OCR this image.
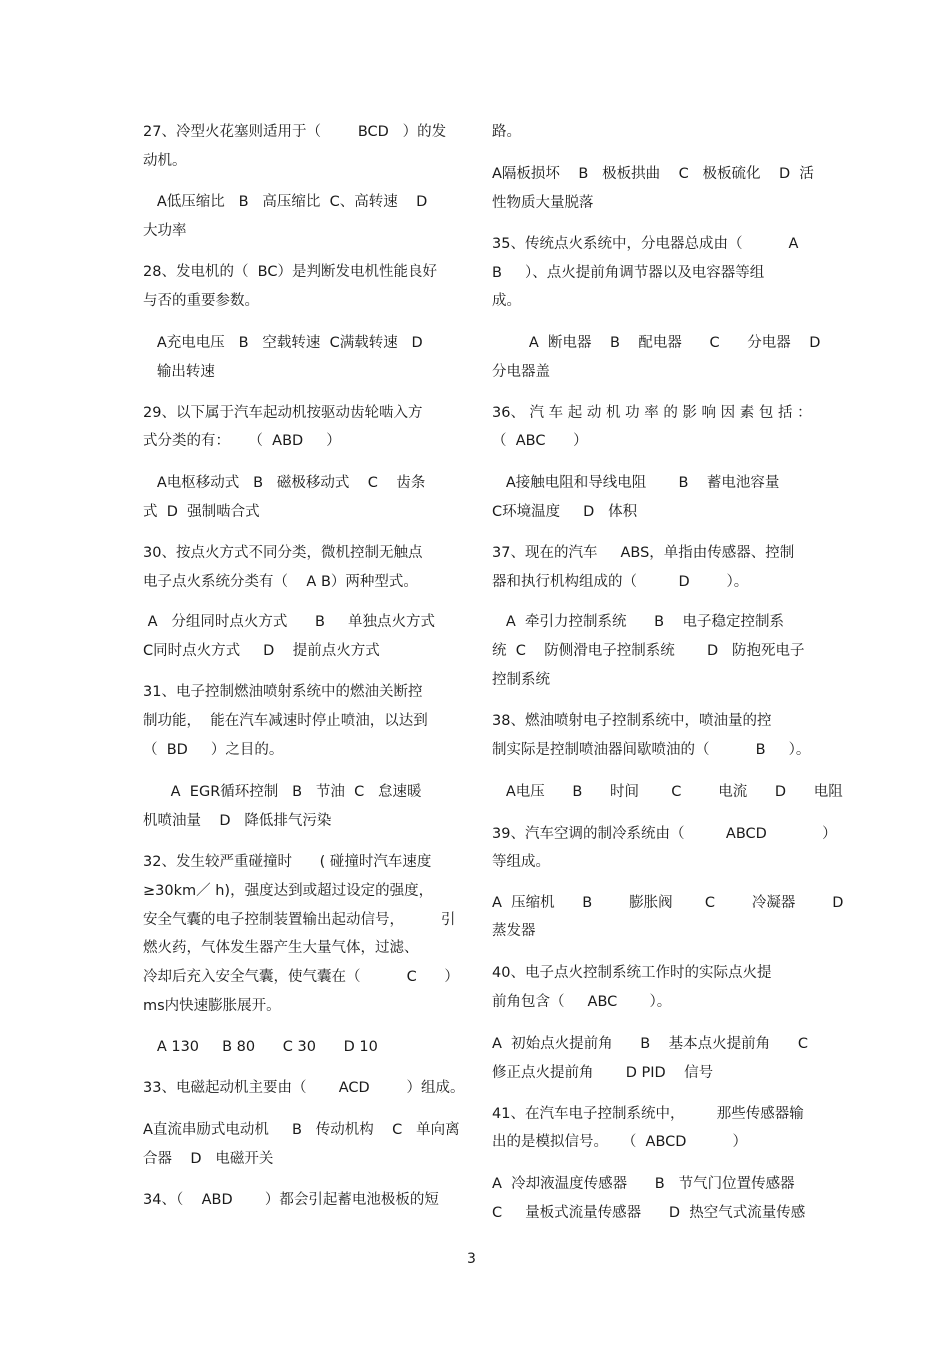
27、冷型火花塞则适用于（        BCD   ）的发
动机。
A低压缩比   B   高压缩比  C、高转速    D
大功率
28、发电机的（  BC）是判断发电机性能良好
与否的重要参数。
A充电电压   B   空载转速  C满载转速   D
输出转速
29、以下属于汽车起动机按驱动齿轮啮入方
式分类的有：    （  ABD     ）
A电枢移动式   B   磁极移动式    C    齿条
式  D  强制啮合式
30、按点火方式不同分类，微机控制无触点
电子点火系统分类有（    A B）两种型式。
A   分组同时点火方式      B     单独点火方式
C同时点火方式     D    提前点火方式
31、电子控制燃油喷射系统中的燃油关断控
制功能，  能在汽车减速时停止喷油，以达到
（  BD     ）之目的。
A  EGR循环控制   B   节油  C   怠速暖
机喷油量    D   降低排气污染
32、发生较严重碰撞时      ( 碰撞时汽车速度
≥30km／ h)，强度达到或超过设定的强度，
安全气囊的电子控制装置输出起动信号，        引
燃火药，气体发生器产生大量气体，过滤、
冷却后充入安全气囊，使气囊在（          C      ）
ms内快速膨胀展开。
A 130     B 80      C 30      D 10
33、电磁起动机主要由（       ACD        ）组成。
A直流串励式电动机     B   传动机构    C   单向离
合器    D   电磁开关
34、（    ABD       ）都会引起蓄电池极板的短
路。
A隔板损坏    B   极板拱曲    C   极板硫化    D  活
性物质大量脱落
35、传统点火系统中，分电器总成由（          A
B     ）、点火提前角调节器以及电容器等组
成。
A  断电器    B    配电器      C      分电器    D
分电器盖
36、 汽 车 起 动 机 功 率 的 影 响 因 素 包 括 ：
（  ABC      ）
A接触电阻和导线电阻       B    蓄电池容量
C环境温度     D   体积
37、现在的汽车     ABS，单指由传感器、控制
器和执行机构组成的（         D        ）。
A  牵引力控制系统      B    电子稳定控制系
统  C    防侧滑电子控制系统       D   防抱死电子
控制系统
38、燃油喷射电子控制系统中，喷油量的控
制实际是控制喷油器间歇喷油的（          B     ）。
A电压      B      时间       C        电流      D      电阻
39、汽车空调的制冷系统由（         ABCD            ）
等组成。
A  压缩机      B        膨胀阀       C        冷凝器        D
蒸发器
40、电子点火控制系统工作时的实际点火提
前角包含（     ABC       ）。
A  初始点火提前角      B    基本点火提前角      C
修正点火提前角       D PID    信号
41、在汽车电子控制系统中，       那些传感器输
出的是模拟信号。   （  ABCD          ）
A  冷却液温度传感器      B   节气门位置传感器
C     量板式流量传感器      D  热空气式流量传感
3
